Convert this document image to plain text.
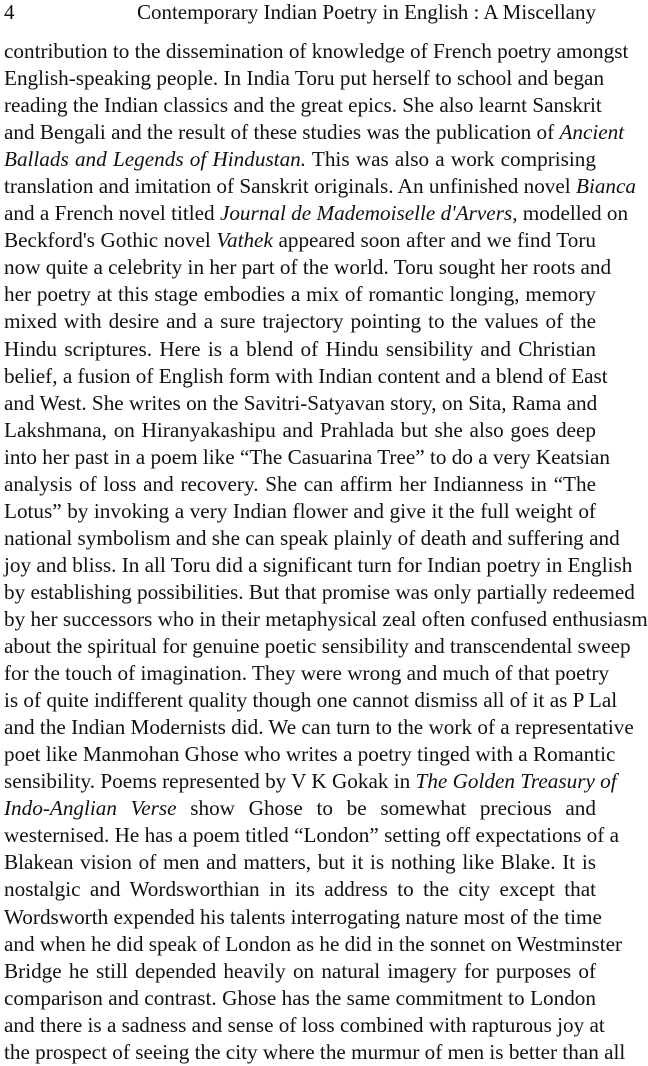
4	Contemporary Indian Poetry in English : A Miscellany
contribution to the dissemination of knowledge of French poetry amongst
English-speaking people. In India Toru put herself to school and began
reading the Indian classics and the great epics. She also learnt Sanskrit
and Bengali and the result of these studies was the publication of Ancient
Ballads and Legends of Hindustan. This was also a work comprising
translation and imitation of Sanskrit originals. An unfinished novel Bianca
and a French novel titled Journal de Mademoiselle d'Arvers, modelled on
Beckford's Gothic novel Vathek appeared soon after and we find Toru
now quite a celebrity in her part of the world. Toru sought her roots and
her poetry at this stage embodies a mix of romantic longing, memory
mixed with desire and a sure trajectory pointing to the values of the
Hindu scriptures. Here is a blend of Hindu sensibility and Christian
belief, a fusion of English form with Indian content and a blend of East
and West. She writes on the Savitri-Satyavan story, on Sita, Rama and
Lakshmana, on Hiranyakashipu and Prahlada but she also goes deep
into her past in a poem like “The Casuarina Tree” to do a very Keatsian
analysis of loss and recovery. She can affirm her Indianness in “The
Lotus” by invoking a very Indian flower and give it the full weight of
national symbolism and she can speak plainly of death and suffering and
joy and bliss. In all Toru did a significant turn for Indian poetry in English
by establishing possibilities. But that promise was only partially redeemed
by her successors who in their metaphysical zeal often confused enthusiasm
about the spiritual for genuine poetic sensibility and transcendental sweep
for the touch of imagination. They were wrong and much of that poetry
is of quite indifferent quality though one cannot dismiss all of it as P Lal
and the Indian Modernists did. We can turn to the work of a representative
poet like Manmohan Ghose who writes a poetry tinged with a Romantic
sensibility. Poems represented by V K Gokak in The Golden Treasury of
Indo-Anglian Verse show Ghose to be somewhat precious and
westernised. He has a poem titled “London” setting off expectations of a
Blakean vision of men and matters, but it is nothing like Blake. It is
nostalgic and Wordsworthian in its address to the city except that
Wordsworth expended his talents interrogating nature most of the time
and when he did speak of London as he did in the sonnet on Westminster
Bridge he still depended heavily on natural imagery for purposes of
comparison and contrast. Ghose has the same commitment to London
and there is a sadness and sense of loss combined with rapturous joy at
the prospect of seeing the city where the murmur of men is better than all
